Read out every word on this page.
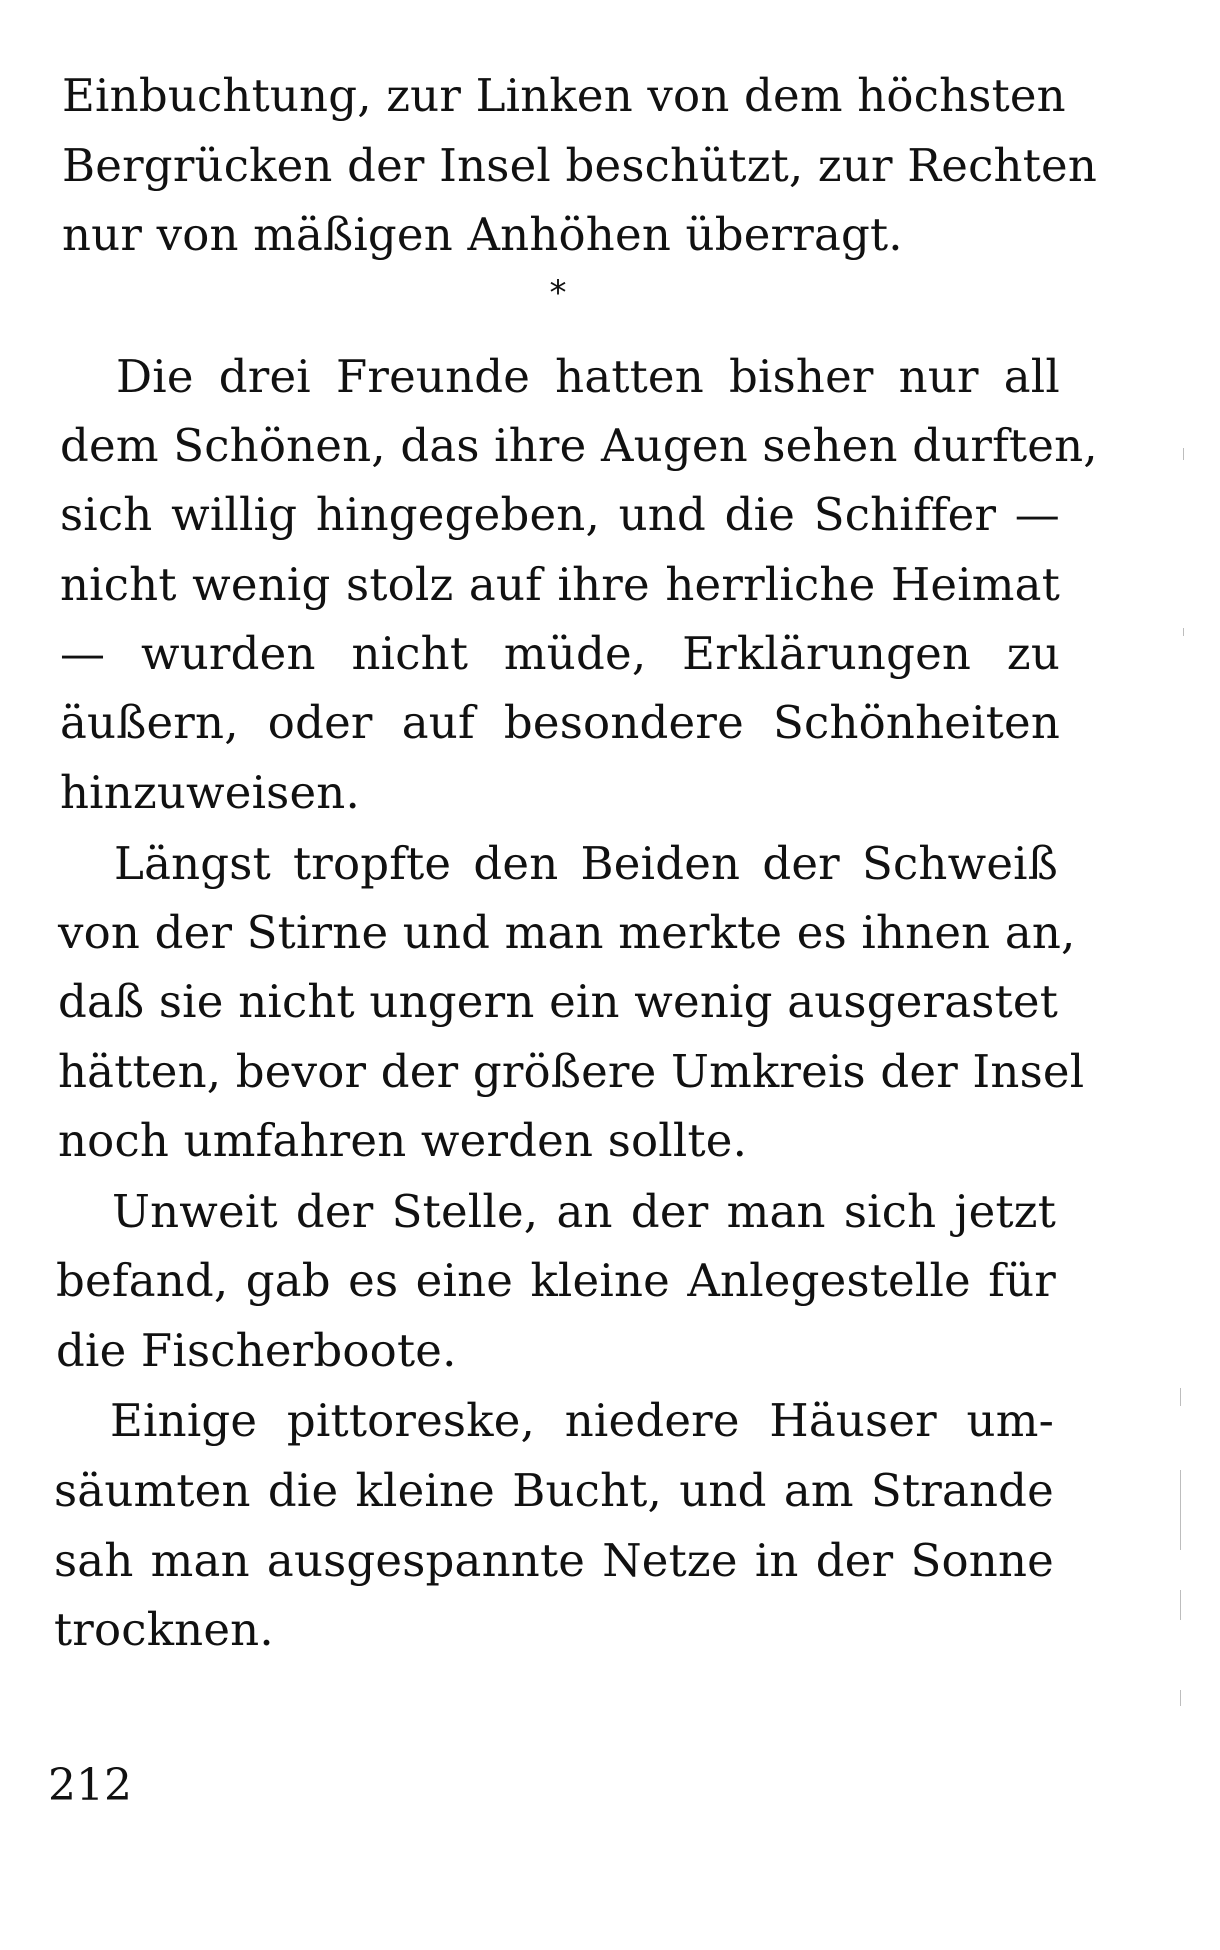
Einbuchtung, zur Linken von dem höchsten
Bergrücken der Insel beschützt, zur Rechten
nur von mäßigen Anhöhen überragt.
*
Die drei Freunde hatten bisher nur all
dem Schönen, das ihre Augen sehen durften,
sich willig hingegeben, und die Schiffer —
nicht wenig stolz auf ihre herrliche Heimat
— wurden nicht müde, Erklärungen zu
äußern, oder auf besondere Schönheiten
hinzuweisen.
Längst tropfte den Beiden der Schweiß
von der Stirne und man merkte es ihnen an,
daß sie nicht ungern ein wenig ausgerastet
hätten, bevor der größere Umkreis der Insel
noch umfahren werden sollte.
Unweit der Stelle, an der man sich jetzt
befand, gab es eine kleine Anlegestelle für
die Fischerboote.
Einige pittoreske, niedere Häuser um-
säumten die kleine Bucht, und am Strande
sah man ausgespannte Netze in der Sonne
trocknen.
212
